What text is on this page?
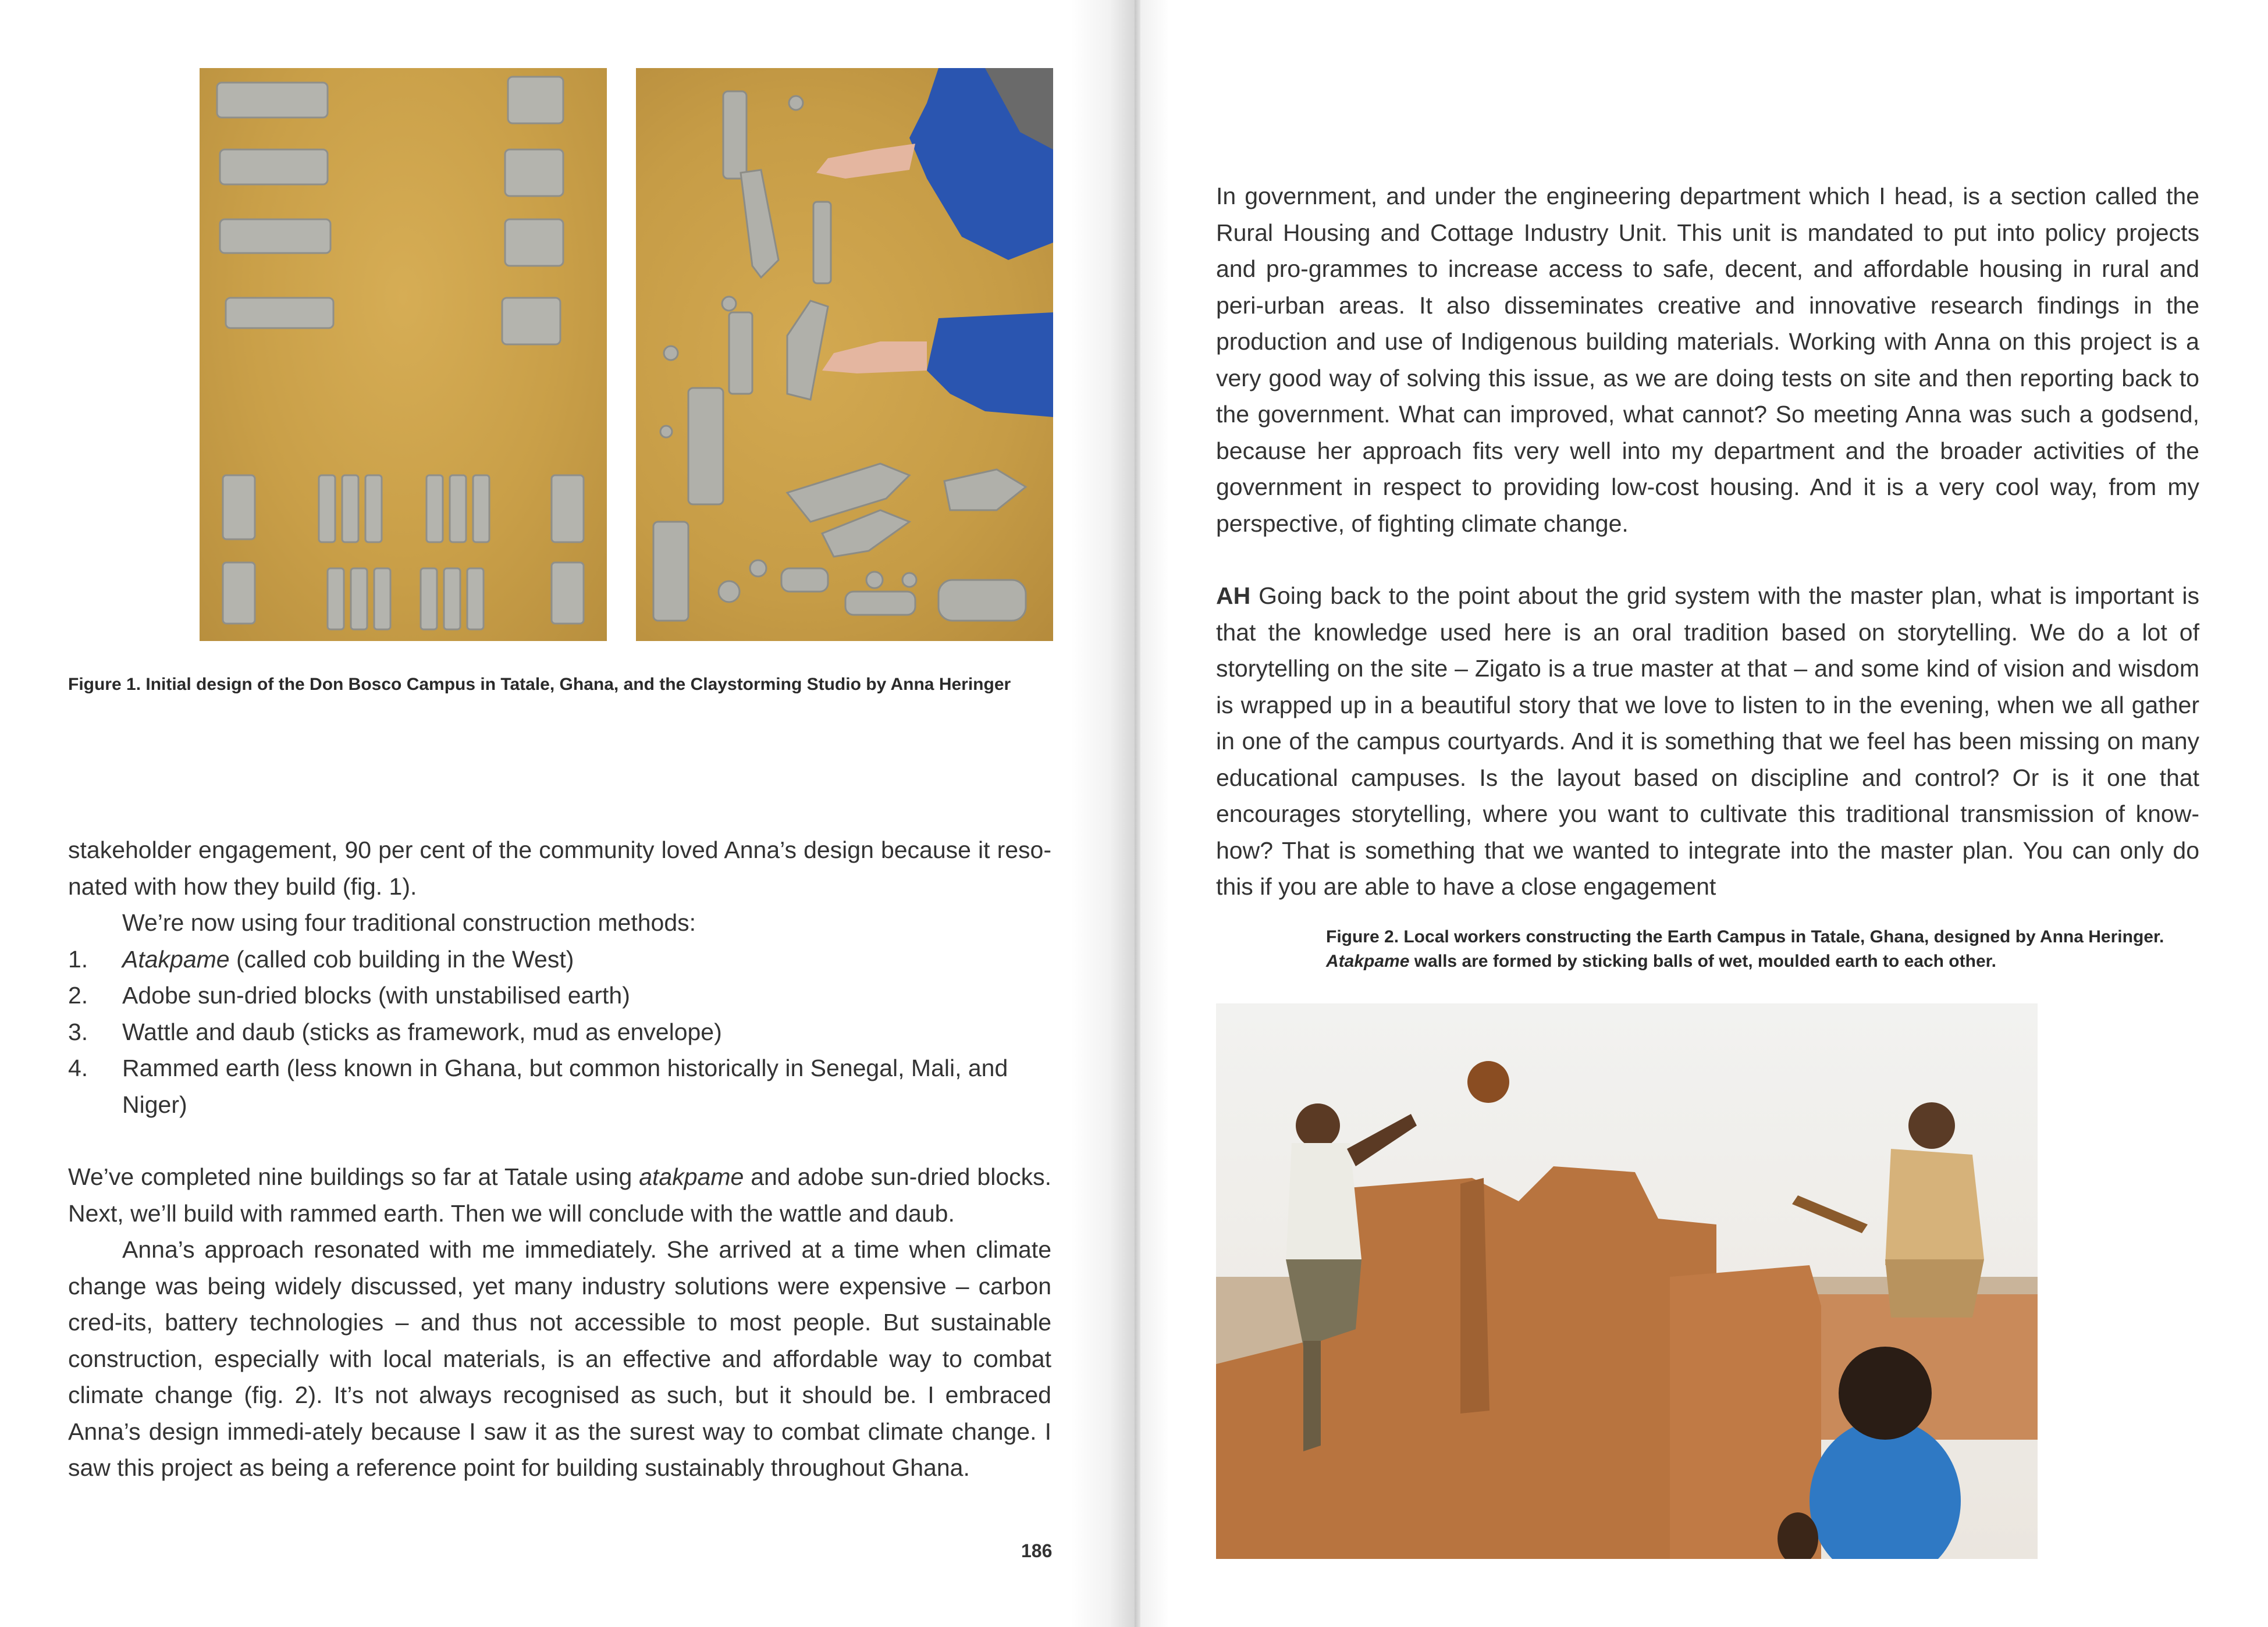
Figure 1. Initial design of the Don Bosco Campus in Tatale, Ghana, and the Claystorming Studio by Anna Heringer

stakeholder engagement, 90 per cent of the community loved Anna’s design because it reso-nated with how they build (fig. 1).

We’re now using four traditional construction methods:

1. Atakpame (called cob building in the West)
2. Adobe sun-dried blocks (with unstabilised earth)
3. Wattle and daub (sticks as framework, mud as envelope)
4. Rammed earth (less known in Ghana, but common historically in Senegal, Mali, and Niger)

We’ve completed nine buildings so far at Tatale using atakpame and adobe sun-dried blocks. Next, we’ll build with rammed earth. Then we will conclude with the wattle and daub.

Anna’s approach resonated with me immediately. She arrived at a time when climate change was being widely discussed, yet many industry solutions were expensive – carbon cred-its, battery technologies – and thus not accessible to most people. But sustainable construction, especially with local materials, is an effective and affordable way to combat climate change (fig. 2). It’s not always recognised as such, but it should be. I embraced Anna’s design immedi-ately because I saw it as the surest way to combat climate change. I saw this project as being a reference point for building sustainably throughout Ghana.

186

In government, and under the engineering department which I head, is a section called the Rural Housing and Cottage Industry Unit. This unit is mandated to put into policy projects and pro-grammes to increase access to safe, decent, and affordable housing in rural and peri-urban areas. It also disseminates creative and innovative research findings in the production and use of Indigenous building materials. Working with Anna on this project is a very good way of solving this issue, as we are doing tests on site and then reporting back to the government. What can improved, what cannot? So meeting Anna was such a godsend, because her approach fits very well into my department and the broader activities of the government in respect to providing low-cost housing. And it is a very cool way, from my perspective, of fighting climate change.

AH Going back to the point about the grid system with the master plan, what is important is that the knowledge used here is an oral tradition based on storytelling. We do a lot of storytelling on the site – Zigato is a true master at that – and some kind of vision and wisdom is wrapped up in a beautiful story that we love to listen to in the evening, when we all gather in one of the campus courtyards. And it is something that we feel has been missing on many educational campuses. Is the layout based on discipline and control? Or is it one that encourages storytelling, where you want to cultivate this traditional transmission of know-how? That is something that we wanted to integrate into the master plan. You can only do this if you are able to have a close engagement

Figure 2. Local workers constructing the Earth Campus in Tatale, Ghana, designed by Anna Heringer.
Atakpame walls are formed by sticking balls of wet, moulded earth to each other.
